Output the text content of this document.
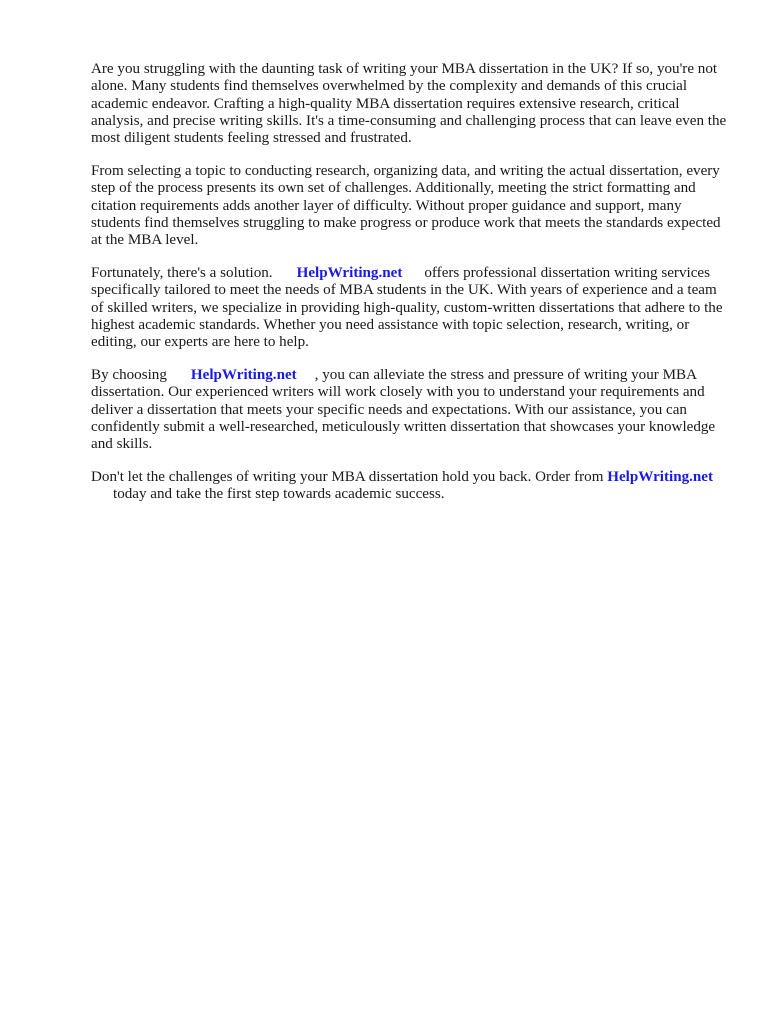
Are you struggling with the daunting task of writing your MBA dissertation in the UK? If so, you're not alone. Many students find themselves overwhelmed by the complexity and demands of this crucial academic endeavor. Crafting a high-quality MBA dissertation requires extensive research, critical analysis, and precise writing skills. It's a time-consuming and challenging process that can leave even the most diligent students feeling stressed and frustrated.

From selecting a topic to conducting research, organizing data, and writing the actual dissertation, every step of the process presents its own set of challenges. Additionally, meeting the strict formatting and citation requirements adds another layer of difficulty. Without proper guidance and support, many students find themselves struggling to make progress or produce work that meets the standards expected at the MBA level.

Fortunately, there's a solution. HelpWriting.net offers professional dissertation writing services specifically tailored to meet the needs of MBA students in the UK. With years of experience and a team of skilled writers, we specialize in providing high-quality, custom-written dissertations that adhere to the highest academic standards. Whether you need assistance with topic selection, research, writing, or editing, our experts are here to help.

By choosing HelpWriting.net , you can alleviate the stress and pressure of writing your MBA dissertation. Our experienced writers will work closely with you to understand your requirements and deliver a dissertation that meets your specific needs and expectations. With our assistance, you can confidently submit a well-researched, meticulously written dissertation that showcases your knowledge and skills.

Don't let the challenges of writing your MBA dissertation hold you back. Order from HelpWriting.nettoday and take the first step towards academic success.
